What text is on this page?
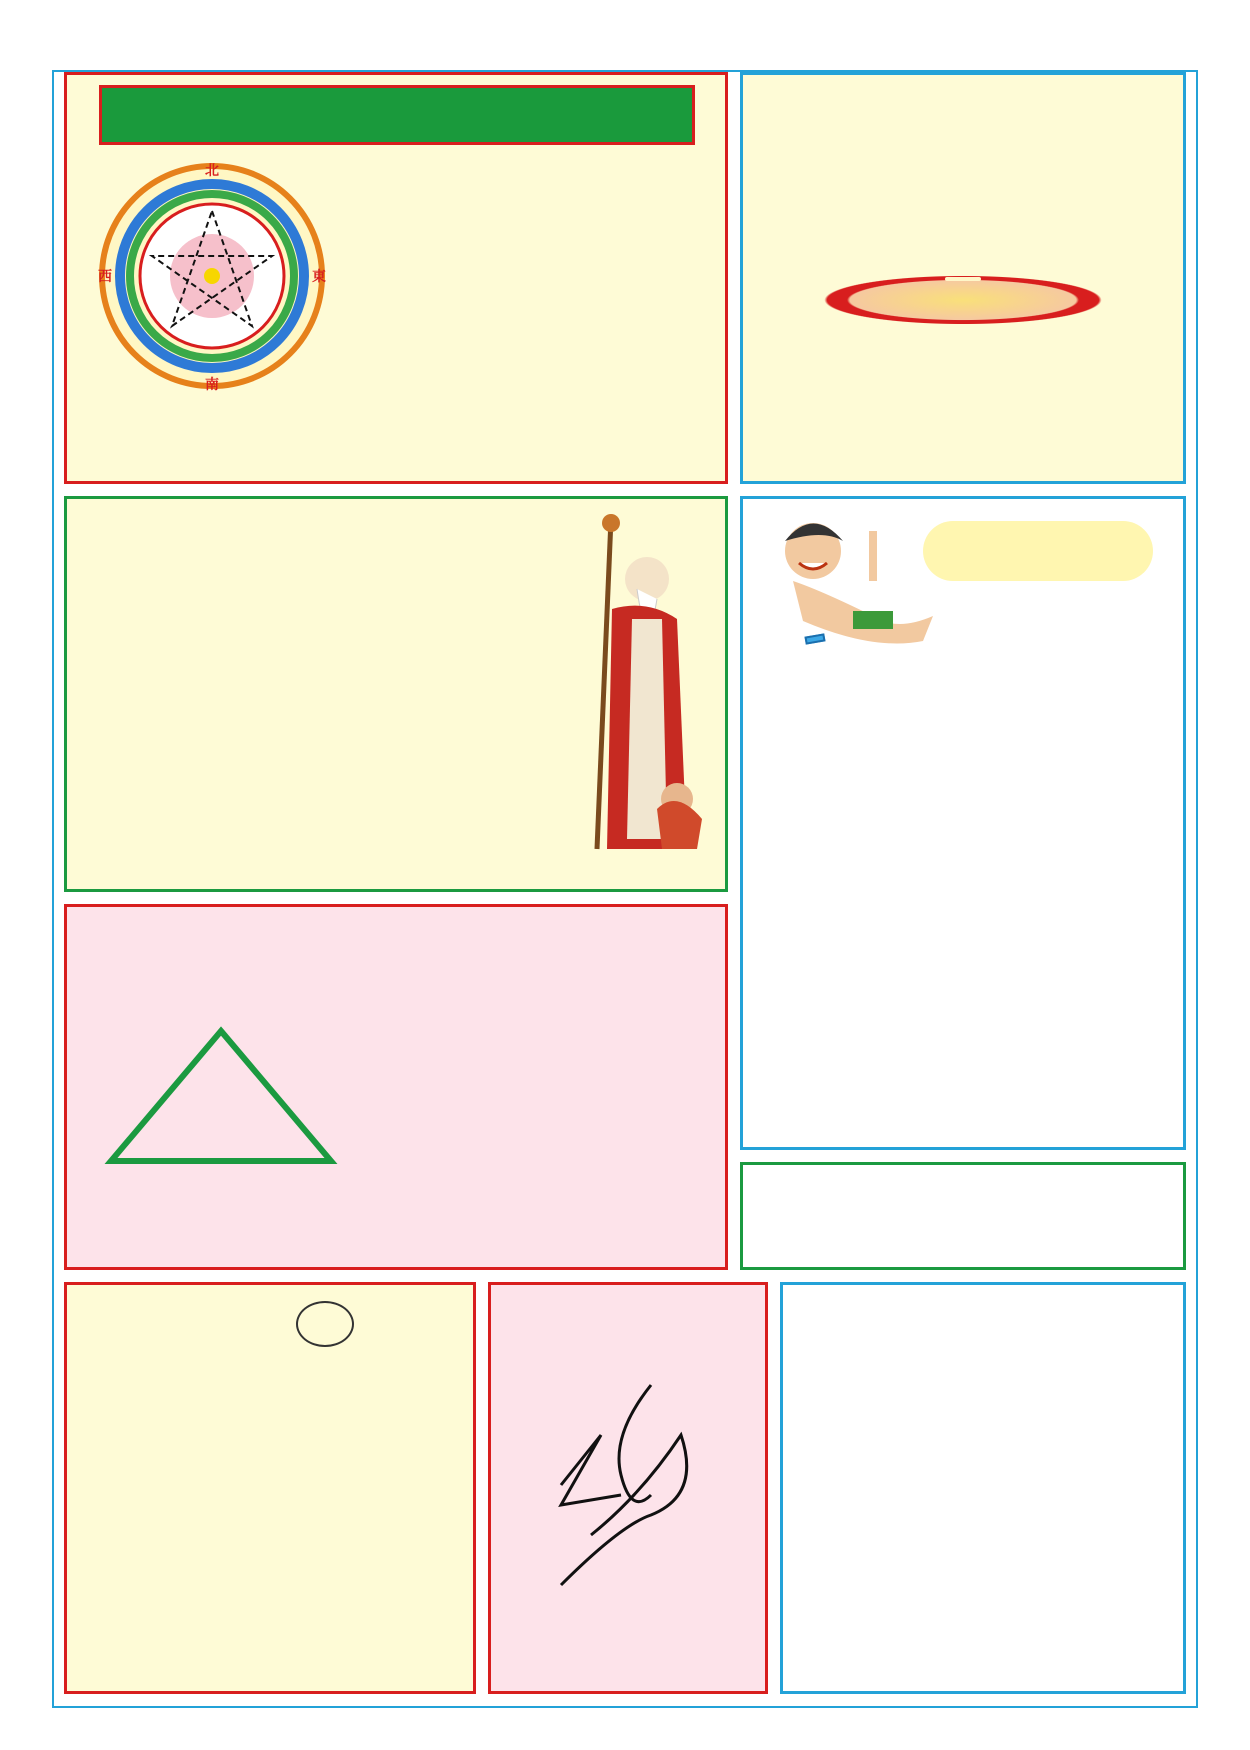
北
南
東
西
